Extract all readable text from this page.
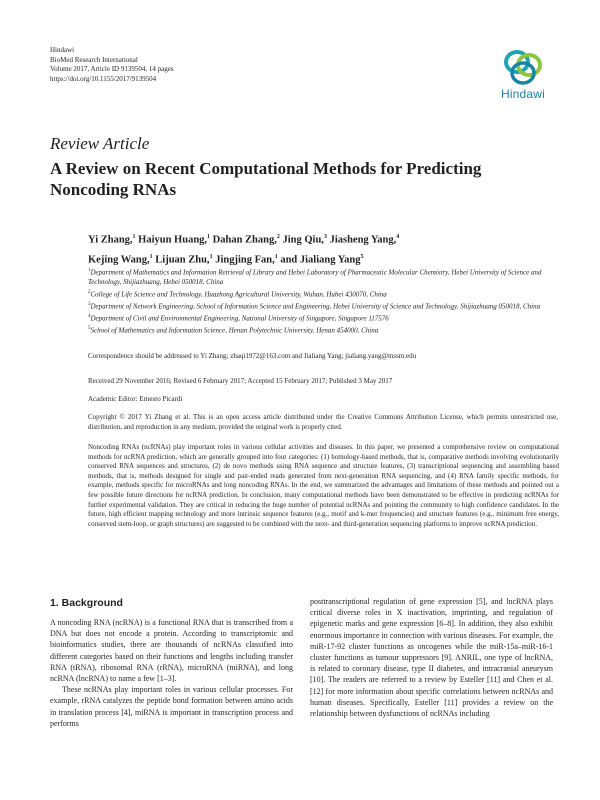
Hindawi
BioMed Research International
Volume 2017, Article ID 9139504, 14 pages
https://doi.org/10.1155/2017/9139504
Hindawi
Review Article
A Review on Recent Computational Methods for Predicting Noncoding RNAs
Yi Zhang,$^1$ Haiyun Huang,$^1$ Dahan Zhang,$^2$ Jing Qiu,$^3$ Jiasheng Yang,$^4$
Kejing Wang,$^1$ Lijuan Zhu,$^1$ Jingjing Fan,$^1$ and Jialiang Yang$^5$
$^1$Department of Mathematics and Information Retrieval of Library and Hebei Laboratory of Pharmaceutic Molecular Chemistry, Hebei University of Science and Technology, Shijiazhuang, Hebei 050018, China
$^2$College of Life Science and Technology, Huazhong Agricultural University, Wuhan, Hubei 430070, China
$^3$Department of Network Engineering, School of Information Science and Engineering, Hebei University of Science and Technology, Shijiazhuang 050018, China
$^4$Department of Civil and Environmental Engineering, National University of Singapore, Singapore 117576
$^5$School of Mathematics and Information Science, Henan Polytechnic University, Henan 454000, China
Correspondence should be addressed to Yi Zhang; zhaqi1972@163.com and Jialiang Yang; jialiang.yang@mssm.edu
Received 29 November 2016; Revised 6 February 2017; Accepted 15 February 2017; Published 3 May 2017
Academic Editor: Ernesto Picardi
Copyright © 2017 Yi Zhang et al. This is an open access article distributed under the Creative Commons Attribution License, which permits unrestricted use, distribution, and reproduction in any medium, provided the original work is properly cited.
Noncoding RNAs (ncRNAs) play important roles in various cellular activities and diseases. In this paper, we presented a comprehensive review on computational methods for ncRNA prediction, which are generally grouped into four categories: (1) homology-based methods, that is, comparative methods involving evolutionarily conserved RNA sequences and structures, (2) de novo methods using RNA sequence and structure features, (3) transcriptional sequencing and assembling based methods, that is, methods designed for single and pair-ended reads generated from next-generation RNA sequencing, and (4) RNA family specific methods, for example, methods specific for microRNAs and long noncoding RNAs. In the end, we summarized the advantages and limitations of these methods and pointed out a few possible future directions for ncRNA prediction. In conclusion, many computational methods have been demonstrated to be effective in predicting ncRNAs for further experimental validation. They are critical in reducing the huge number of potential ncRNAs and pointing the community to high confidence candidates. In the future, high efficient mapping technology and more intrinsic sequence features (e.g., motif and k-mer frequencies) and structure features (e.g., minimum free energy, conserved stem-loop, or graph structures) are suggested to be combined with the next- and third-generation sequencing platforms to improve ncRNA prediction.
1. Background

A noncoding RNA (ncRNA) is a functional RNA that is transcribed from a DNA but does not encode a protein. According to transcriptomic and bioinformatics studies, there are thousands of ncRNAs classified into different categories based on their functions and lengths including transfer RNA (tRNA), ribosomal RNA (rRNA), microRNA (miRNA), and long ncRNA (lncRNA) to name a few [1–3].

These ncRNAs play important roles in various cellular processes. For example, rRNA catalyzes the peptide bond formation between amino acids in translation process [4], miRNA is important in transcription process and performs

posttranscriptional regulation of gene expression [5], and lncRNA plays critical diverse roles in X inactivation, imprinting, and regulation of epigenetic marks and gene expression [6–8]. In addition, they also exhibit enormous importance in connection with various diseases. For example, the miR-17-92 cluster functions as oncogenes while the miR-15a–miR-16-1 cluster functions as tumour suppressors [9]. ANRIL, one type of lncRNA, is related to coronary disease, type II diabetes, and intracranial aneurysm [10]. The readers are referred to a review by Esteller [11] and Chen et al. [12] for more information about specific correlations between ncRNAs and human diseases. Specifically, Esteller [11] provides a review on the relationship between dysfunctions of ncRNAs including
